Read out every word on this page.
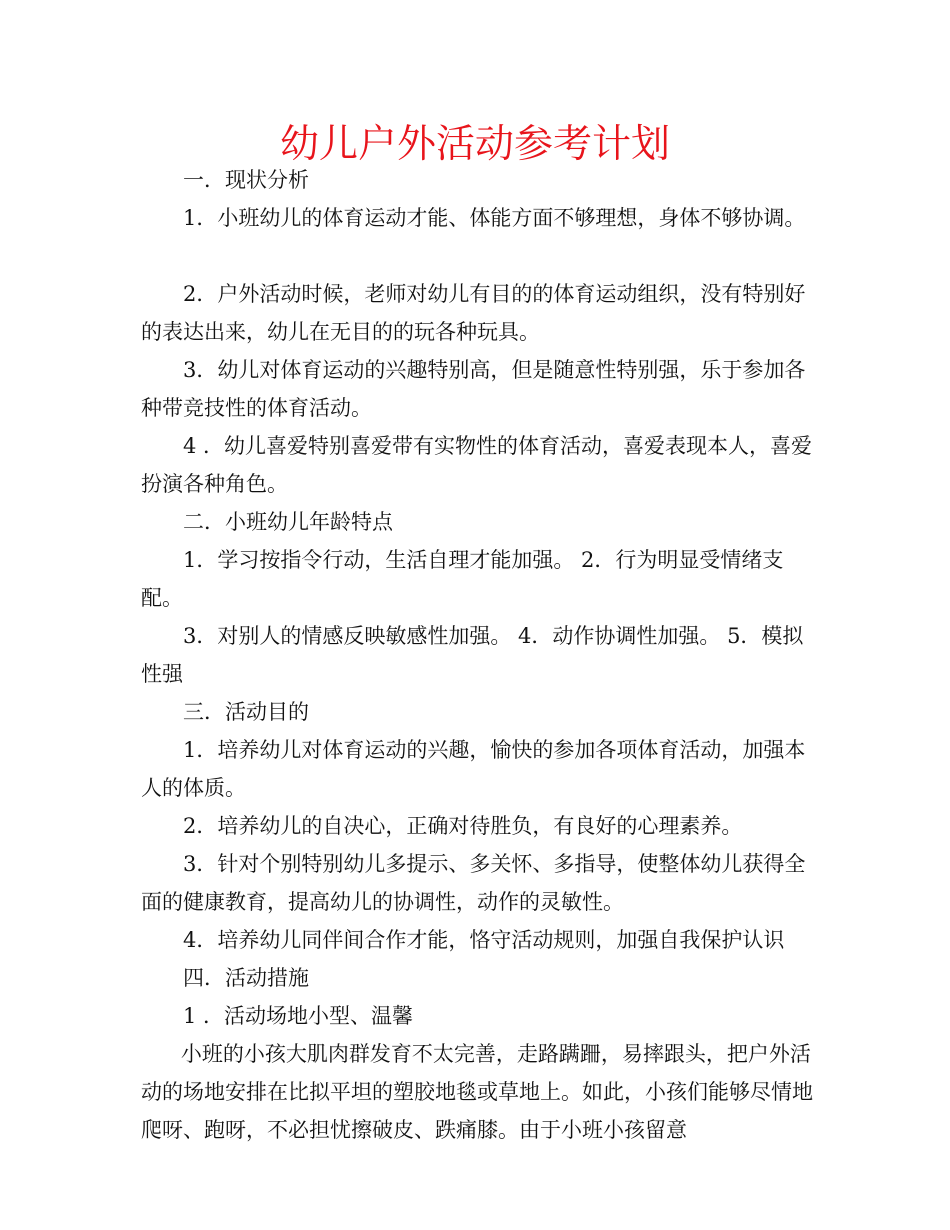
幼儿户外活动参考计划

一．现状分析

1．小班幼儿的体育运动才能、体能方面不够理想，身体不够协调。

2．户外活动时候，老师对幼儿有目的的体育运动组织，没有特别好的表达出来，幼儿在无目的的玩各种玩具。

3．幼儿对体育运动的兴趣特别高，但是随意性特别强，乐于参加各种带竞技性的体育活动。

4 ．幼儿喜爱特别喜爱带有实物性的体育活动，喜爱表现本人，喜爱扮演各种角色。

二．小班幼儿年龄特点

1．学习按指令行动，生活自理才能加强。 2．行为明显受情绪支配。

3．对别人的情感反映敏感性加强。 4．动作协调性加强。 5．模拟性强

三．活动目的

1．培养幼儿对体育运动的兴趣，愉快的参加各项体育活动，加强本人的体质。

2．培养幼儿的自决心，正确对待胜负，有良好的心理素养。

3．针对个别特别幼儿多提示、多关怀、多指导，使整体幼儿获得全面的健康教育，提高幼儿的协调性，动作的灵敏性。

4．培养幼儿同伴间合作才能，恪守活动规则，加强自我保护认识

四．活动措施

1 ．活动场地小型、温馨

小班的小孩大肌肉群发育不太完善，走路蹒跚，易摔跟头，把户外活动的场地安排在比拟平坦的塑胶地毯或草地上。如此，小孩们能够尽情地爬呀、跑呀，不必担忧擦破皮、跌痛膝。由于小班小孩留意
